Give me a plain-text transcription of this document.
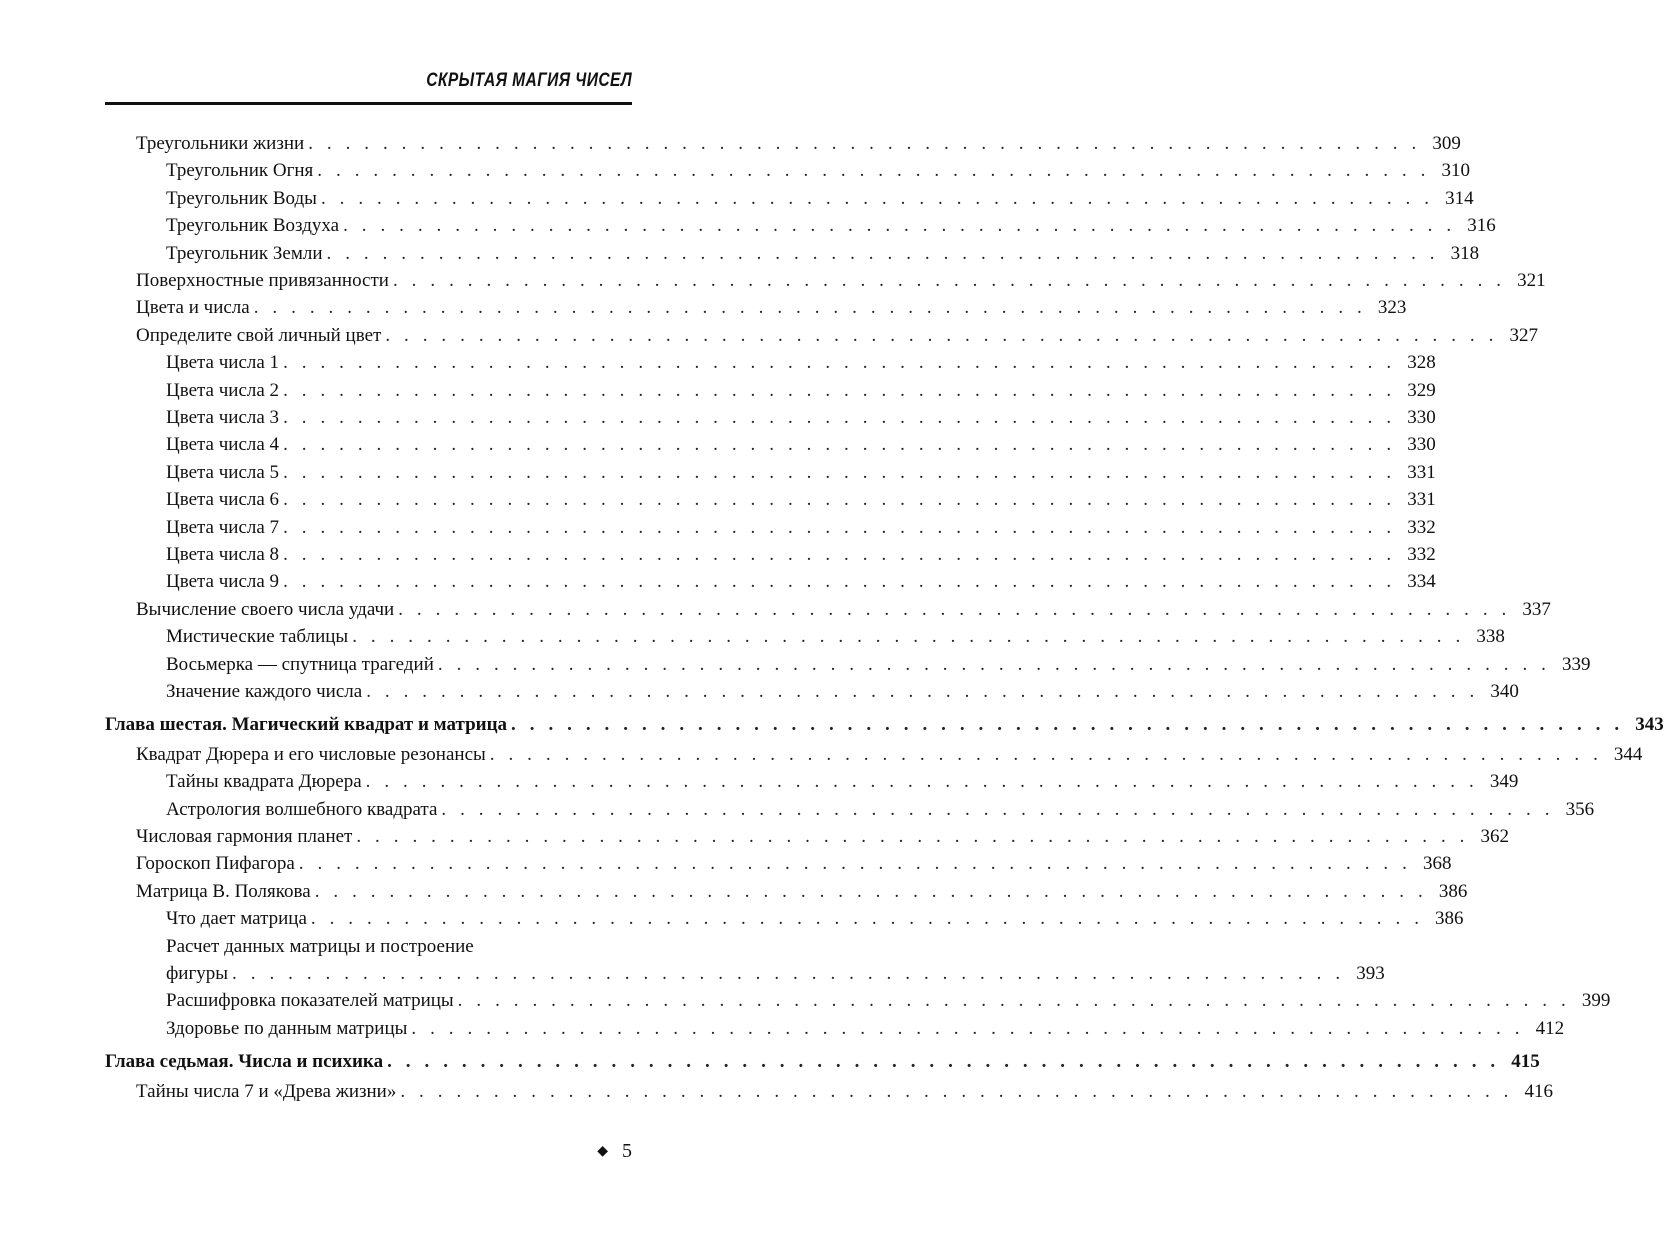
СКРЫТАЯ МАГИЯ ЧИСЕЛ
Треугольники жизни . . . . . . . . . . . . . . . . . . . . . . . . . . . . . . . . . . . . . . . . . . . . . . . . . . . . . . . . . . . . 309
Треугольник Огня . . . . . . . . . . . . . . . . . . . . . . . . . . . . . . . . . . . . . . . . . . . . . . . . . . . . . . . . . . . . 310
Треугольник Воды . . . . . . . . . . . . . . . . . . . . . . . . . . . . . . . . . . . . . . . . . . . . . . . . . . . . . . . . . . . . 314
Треугольник Воздуха . . . . . . . . . . . . . . . . . . . . . . . . . . . . . . . . . . . . . . . . . . . . . . . . . . . . . . . . . . . . 316
Треугольник Земли . . . . . . . . . . . . . . . . . . . . . . . . . . . . . . . . . . . . . . . . . . . . . . . . . . . . . . . . . . . . 318
Поверхностные привязанности . . . . . . . . . . . . . . . . . . . . . . . . . . . . . . . . . . . . . . . . . . . . . . . . . . . . . . . . . . . . 321
Цвета и числа . . . . . . . . . . . . . . . . . . . . . . . . . . . . . . . . . . . . . . . . . . . . . . . . . . . . . . . . . . . . 323
Определите свой личный цвет . . . . . . . . . . . . . . . . . . . . . . . . . . . . . . . . . . . . . . . . . . . . . . . . . . . . . . . . . . . . 327
Цвета числа 1 . . . . . . . . . . . . . . . . . . . . . . . . . . . . . . . . . . . . . . . . . . . . . . . . . . . . . . . . . . . . 328
Цвета числа 2 . . . . . . . . . . . . . . . . . . . . . . . . . . . . . . . . . . . . . . . . . . . . . . . . . . . . . . . . . . . . 329
Цвета числа 3 . . . . . . . . . . . . . . . . . . . . . . . . . . . . . . . . . . . . . . . . . . . . . . . . . . . . . . . . . . . . 330
Цвета числа 4 . . . . . . . . . . . . . . . . . . . . . . . . . . . . . . . . . . . . . . . . . . . . . . . . . . . . . . . . . . . . 330
Цвета числа 5 . . . . . . . . . . . . . . . . . . . . . . . . . . . . . . . . . . . . . . . . . . . . . . . . . . . . . . . . . . . . 331
Цвета числа 6 . . . . . . . . . . . . . . . . . . . . . . . . . . . . . . . . . . . . . . . . . . . . . . . . . . . . . . . . . . . . 331
Цвета числа 7 . . . . . . . . . . . . . . . . . . . . . . . . . . . . . . . . . . . . . . . . . . . . . . . . . . . . . . . . . . . . 332
Цвета числа 8 . . . . . . . . . . . . . . . . . . . . . . . . . . . . . . . . . . . . . . . . . . . . . . . . . . . . . . . . . . . . 332
Цвета числа 9 . . . . . . . . . . . . . . . . . . . . . . . . . . . . . . . . . . . . . . . . . . . . . . . . . . . . . . . . . . . . 334
Вычисление своего числа удачи . . . . . . . . . . . . . . . . . . . . . . . . . . . . . . . . . . . . . . . . . . . . . . . . . . . . . . . . . . . . 337
Мистические таблицы . . . . . . . . . . . . . . . . . . . . . . . . . . . . . . . . . . . . . . . . . . . . . . . . . . . . . . . . . . . . 338
Восьмерка — спутница трагедий . . . . . . . . . . . . . . . . . . . . . . . . . . . . . . . . . . . . . . . . . . . . . . . . . . . . . . . . . . . . 339
Значение каждого числа . . . . . . . . . . . . . . . . . . . . . . . . . . . . . . . . . . . . . . . . . . . . . . . . . . . . . . . . . . . . 340
Глава шестая. Магический квадрат и матрица . . . . . . . . . . . . . . . . . . . . . . . . . . . . . . . . . . . . . . . . . . . . . . . . . . . . . . . . . . . . 343
Квадрат Дюрера и его числовые резонансы . . . . . . . . . . . . . . . . . . . . . . . . . . . . . . . . . . . . . . . . . . . . . . . . . . . . . . . . . . . . 344
Тайны квадрата Дюрера . . . . . . . . . . . . . . . . . . . . . . . . . . . . . . . . . . . . . . . . . . . . . . . . . . . . . . . . . . . . 349
Астрология волшебного квадрата . . . . . . . . . . . . . . . . . . . . . . . . . . . . . . . . . . . . . . . . . . . . . . . . . . . . . . . . . . . . 356
Числовая гармония планет . . . . . . . . . . . . . . . . . . . . . . . . . . . . . . . . . . . . . . . . . . . . . . . . . . . . . . . . . . . . 362
Гороскоп Пифагора . . . . . . . . . . . . . . . . . . . . . . . . . . . . . . . . . . . . . . . . . . . . . . . . . . . . . . . . . . . . 368
Матрица В. Полякова . . . . . . . . . . . . . . . . . . . . . . . . . . . . . . . . . . . . . . . . . . . . . . . . . . . . . . . . . . . . 386
Что дает матрица . . . . . . . . . . . . . . . . . . . . . . . . . . . . . . . . . . . . . . . . . . . . . . . . . . . . . . . . . . . . 386
Расчет данных матрицы и построение
фигуры . . . . . . . . . . . . . . . . . . . . . . . . . . . . . . . . . . . . . . . . . . . . . . . . . . . . . . . . . . . . 393
Расшифровка показателей матрицы . . . . . . . . . . . . . . . . . . . . . . . . . . . . . . . . . . . . . . . . . . . . . . . . . . . . . . . . . . . . 399
Здоровье по данным матрицы . . . . . . . . . . . . . . . . . . . . . . . . . . . . . . . . . . . . . . . . . . . . . . . . . . . . . . . . . . . . 412
Глава седьмая. Числа и психика . . . . . . . . . . . . . . . . . . . . . . . . . . . . . . . . . . . . . . . . . . . . . . . . . . . . . . . . . . . . 415
Тайны числа 7 и «Древа жизни» . . . . . . . . . . . . . . . . . . . . . . . . . . . . . . . . . . . . . . . . . . . . . . . . . . . . . . . . . . . . 416
◆ 5
